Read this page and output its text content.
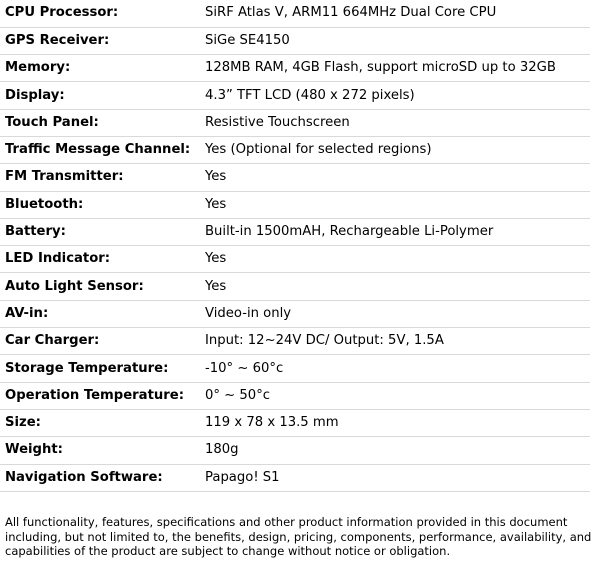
CPU Processor:	SiRF Atlas V, ARM11 664MHz Dual Core CPU
GPS Receiver:	SiGe SE4150
Memory:	128MB RAM, 4GB Flash, support microSD up to 32GB
Display:	4.3” TFT LCD (480 x 272 pixels)
Touch Panel:	Resistive Touchscreen
Traffic Message Channel:	Yes (Optional for selected regions)
FM Transmitter:	Yes
Bluetooth:	Yes
Battery:	Built-in 1500mAH, Rechargeable Li-Polymer
LED Indicator:	Yes
Auto Light Sensor:	Yes
AV-in:	Video-in only
Car Charger:	Input: 12~24V DC/ Output: 5V, 1.5A
Storage Temperature:	-10° ~ 60°c
Operation Temperature:	0° ~ 50°c
Size:	119 x 78 x 13.5 mm
Weight:	180g
Navigation Software:	Papago! S1

All functionality, features, specifications and other product information provided in this document including, but not limited to, the benefits, design, pricing, components, performance, availability, and capabilities of the product are subject to change without notice or obligation.
